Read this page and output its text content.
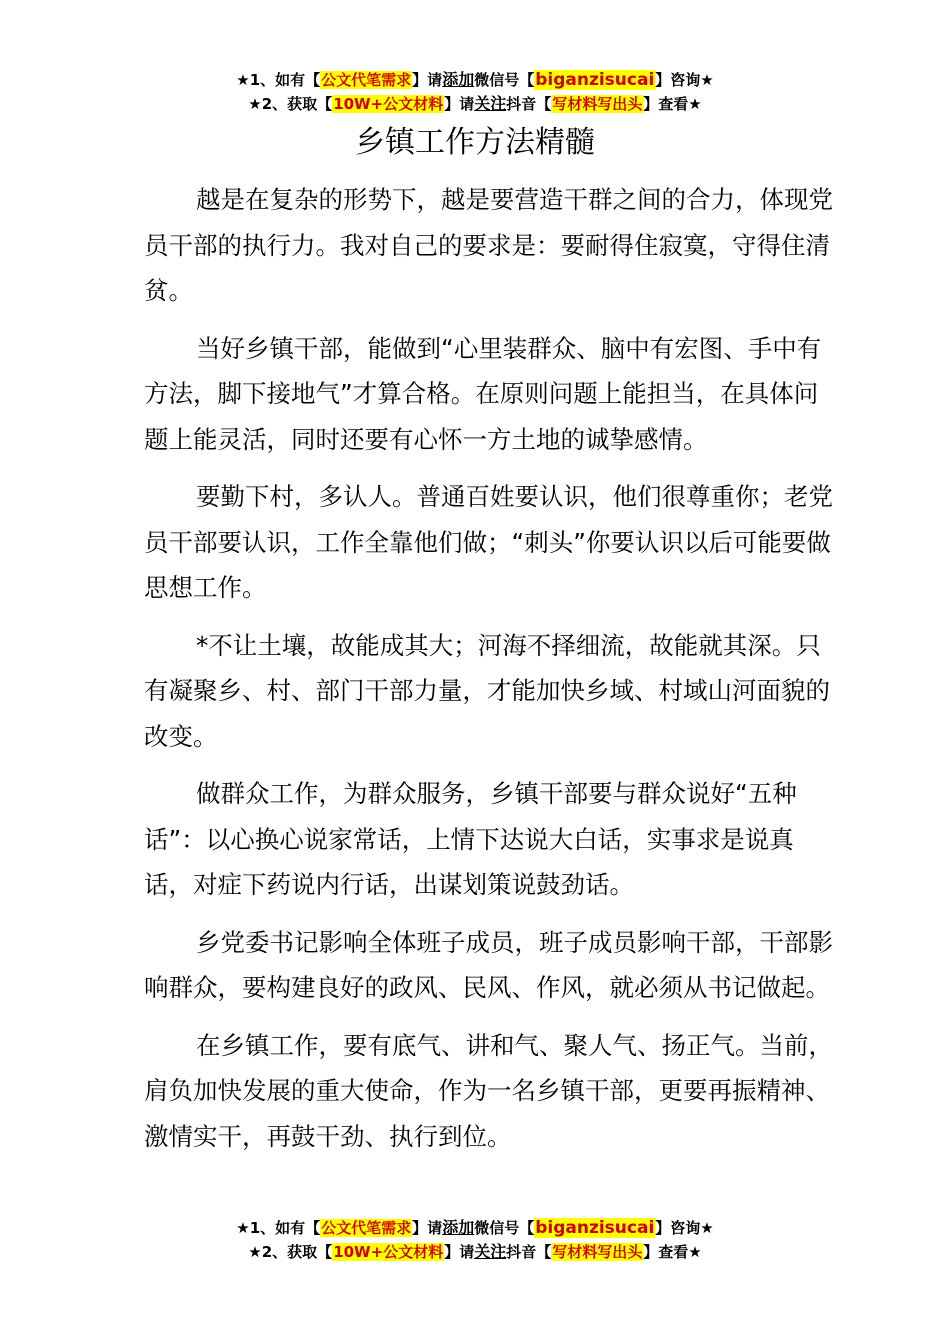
★1、如有【公文代笔需求】请添加微信号【biganzisucai】咨询★
★2、获取【10W+公文材料】请关注抖音【写材料写出头】查看★
乡镇工作方法精髓

越是在复杂的形势下，越是要营造干群之间的合力，体现党员干部的执行力。我对自己的要求是：要耐得住寂寞，守得住清贫。

当好乡镇干部，能做到“心里装群众、脑中有宏图、手中有方法，脚下接地气”才算合格。在原则问题上能担当，在具体问题上能灵活，同时还要有心怀一方土地的诚挚感情。

要勤下村，多认人。普通百姓要认识，他们很尊重你；老党员干部要认识，工作全靠他们做；“刺头”你要认识以后可能要做思想工作。

*不让土壤，故能成其大；河海不择细流，故能就其深。只有凝聚乡、村、部门干部力量，才能加快乡域、村域山河面貌的改变。

做群众工作，为群众服务，乡镇干部要与群众说好“五种话”：以心换心说家常话，上情下达说大白话，实事求是说真话，对症下药说内行话，出谋划策说鼓劲话。

乡党委书记影响全体班子成员，班子成员影响干部，干部影响群众，要构建良好的政风、民风、作风，就必须从书记做起。

在乡镇工作，要有底气、讲和气、聚人气、扬正气。当前，肩负加快发展的重大使命，作为一名乡镇干部，更要再振精神、激情实干，再鼓干劲、执行到位。

★1、如有【公文代笔需求】请添加微信号【biganzisucai】咨询★
★2、获取【10W+公文材料】请关注抖音【写材料写出头】查看★
